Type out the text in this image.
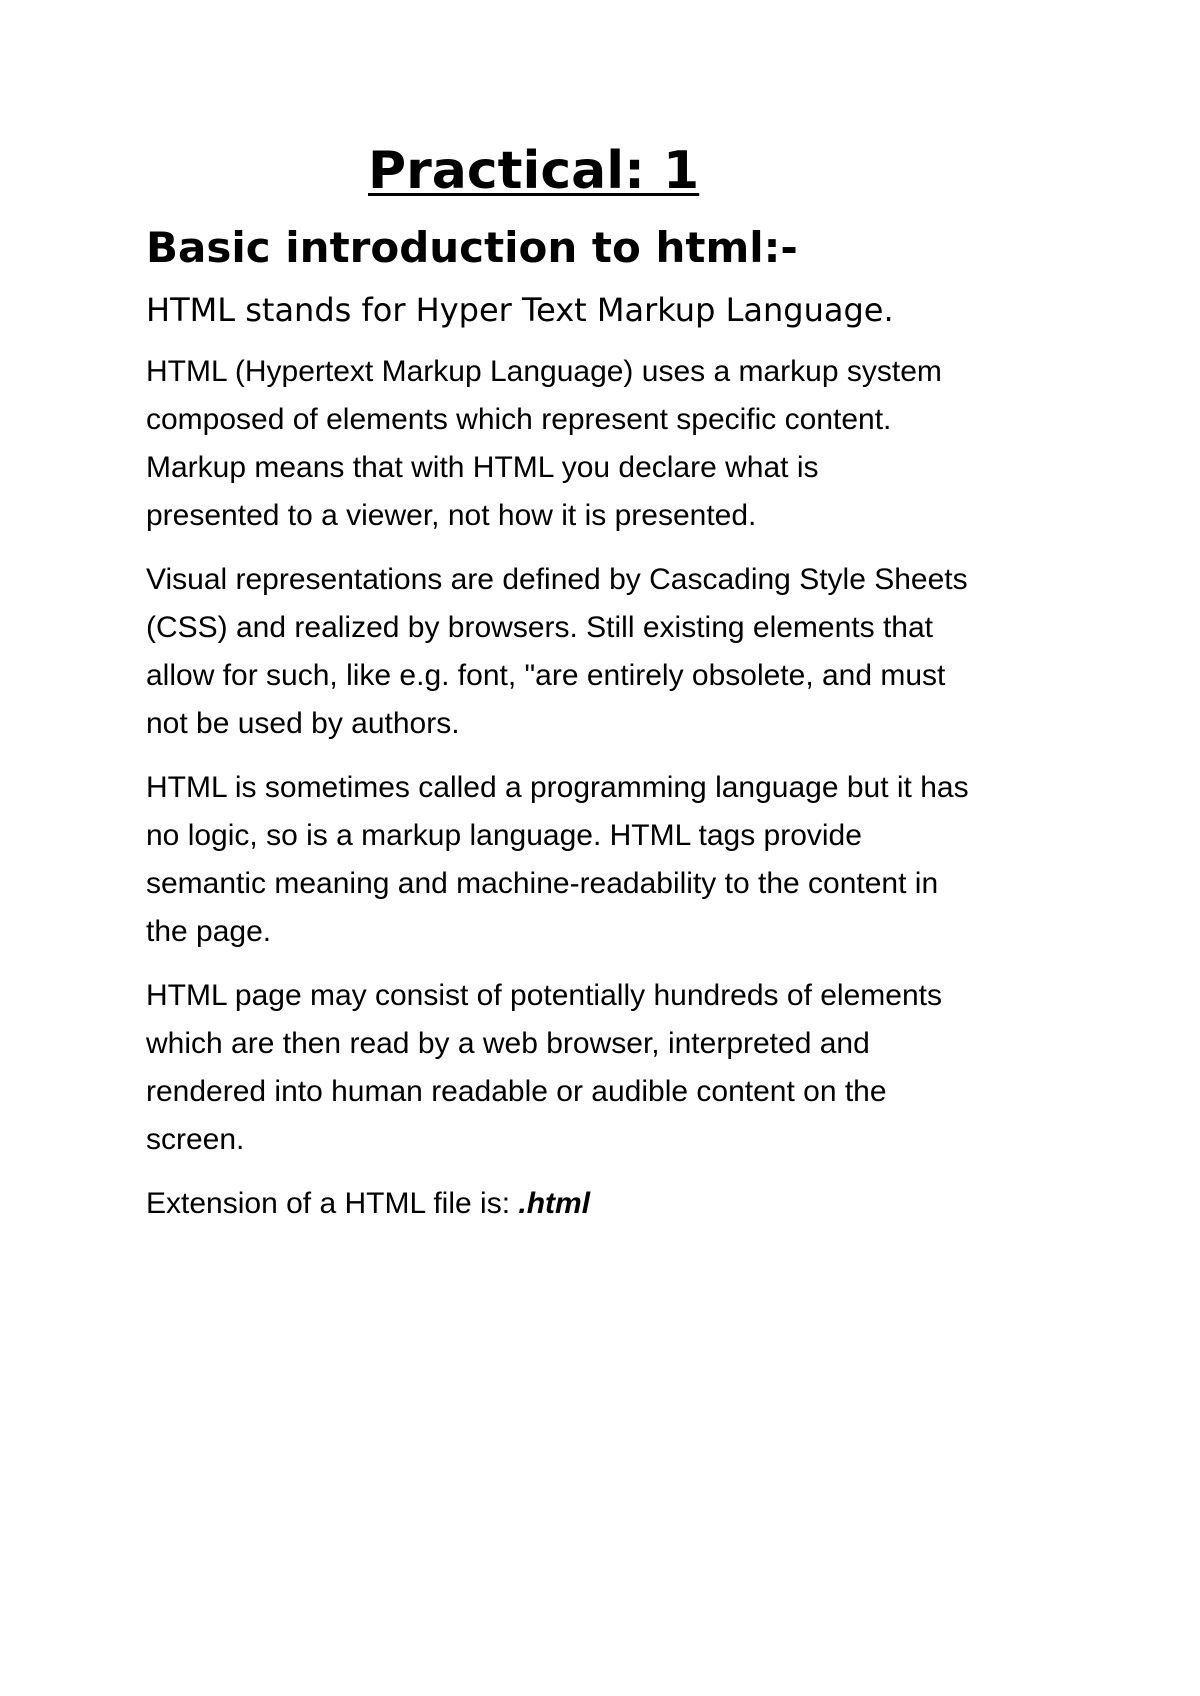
Practical: 1
Basic introduction to html:-

HTML stands for Hyper Text Markup Language.

HTML (Hypertext Markup Language) uses a markup system
composed of elements which represent specific content.
Markup means that with HTML you declare what is
presented to a viewer, not how it is presented.

Visual representations are defined by Cascading Style Sheets
(CSS) and realized by browsers. Still existing elements that
allow for such, like e.g. font, "are entirely obsolete, and must
not be used by authors.

HTML is sometimes called a programming language but it has
no logic, so is a markup language. HTML tags provide
semantic meaning and machine-readability to the content in
the page.

HTML page may consist of potentially hundreds of elements
which are then read by a web browser, interpreted and
rendered into human readable or audible content on the
screen.

Extension of a HTML file is: .html
